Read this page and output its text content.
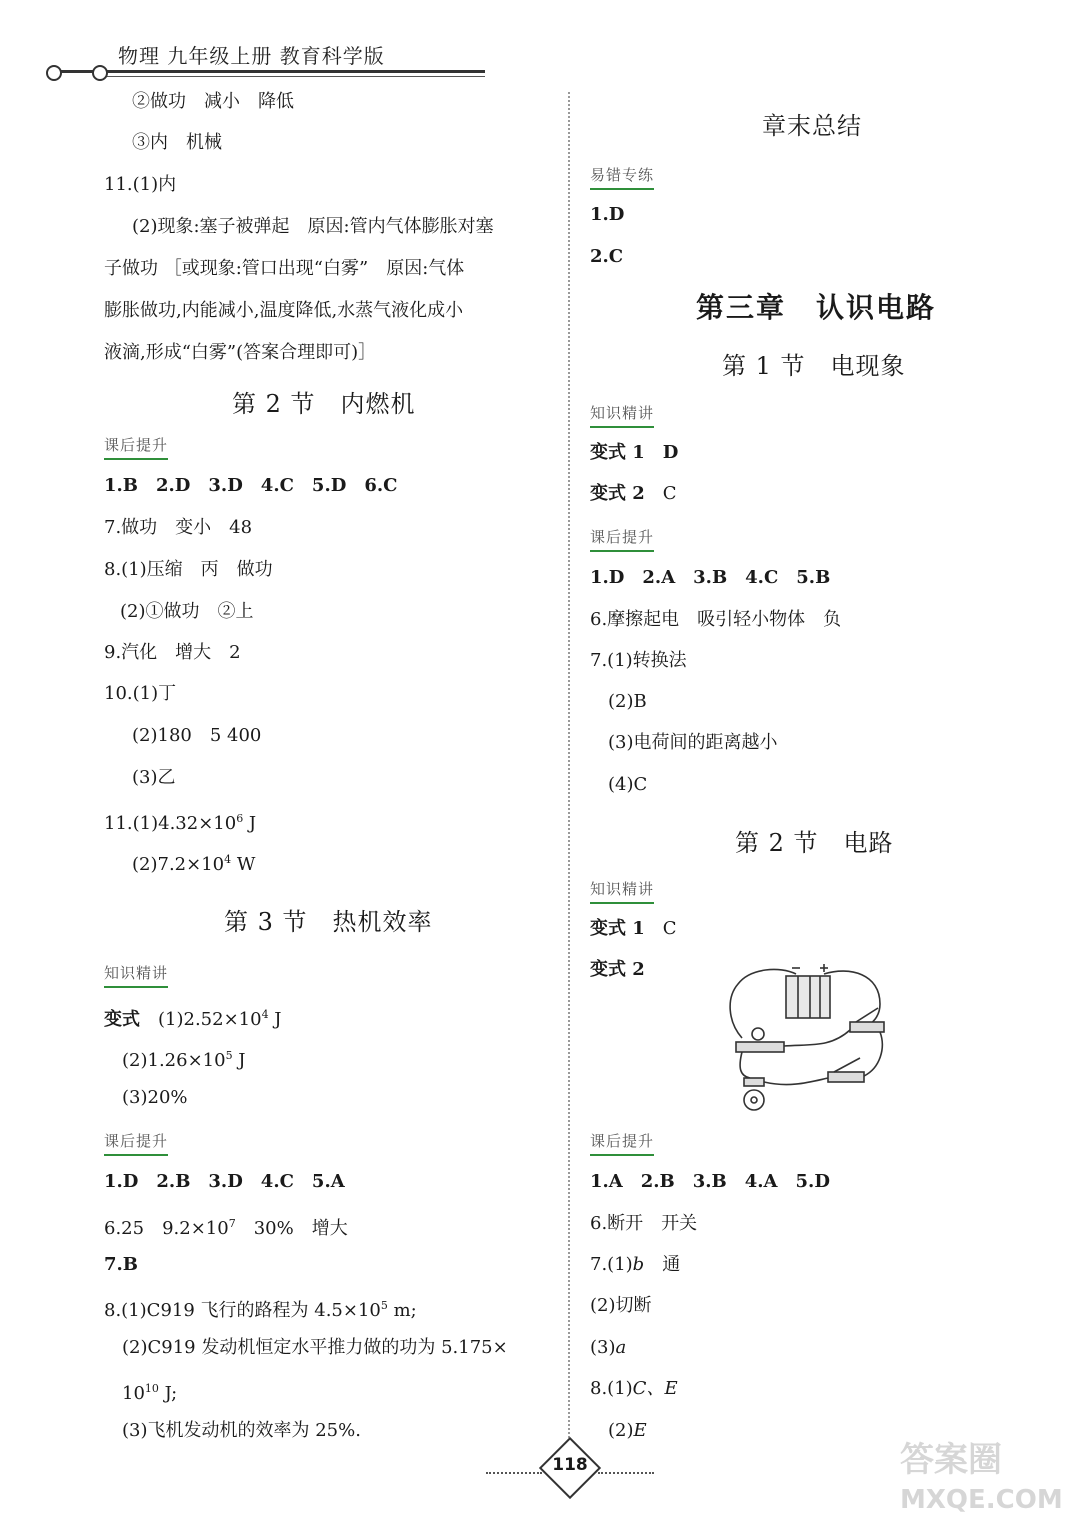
物理 九年级上册 教育科学版
②做功　减小　降低
③内　机械
11.(1)内
(2)现象:塞子被弹起　原因:管内气体膨胀对塞
子做功 ［或现象:管口出现“白雾”　原因:气体
膨胀做功,内能减小,温度降低,水蒸气液化成小
液滴,形成“白雾”(答案合理即可)］
第 2 节　内燃机
课后提升
1.B　2.D　3.D　4.C　5.D　6.C
7.做功　变小　48
8.(1)压缩　丙　做功
(2)①做功　②上
9.汽化　增大　2
10.(1)丁
(2)180　5 400
(3)乙
$11.(1)4.32\times 10^6$ J
$(2)7.2\times 10^4$ W
第 3 节　热机效率
知识精讲
变式　$(1)2.52\times 10^4$ J
$(2)1.26\times 10^5$ J
(3)20%
课后提升
1.D　2.B　3.D　4.C　5.A
6.25　$9.2\times 10^7$　30%　增大
7.B
8.(1)C919 飞行的路程为 $4.5\times 10^5$ m;
(2)C919 发动机恒定水平推力做的功为 5.175×
$10^{10}$ J;
(3)飞机发动机的效率为 25%.
章末总结
易错专练
1.D
2.C
第三章　认识电路
第 1 节　电现象
知识精讲
变式 1　D
变式 2　C
课后提升
1.D　2.A　3.B　4.C　5.B
6.摩擦起电　吸引轻小物体　负
7.(1)转换法
(2)B
(3)电荷间的距离越小
(4)C
第 2 节　电路
知识精讲
变式 1　C
变式 2
课后提升
1.A　2.B　3.B　4.A　5.D
6.断开　开关
7.(1)b　通
(2)切断
(3)a
8.(1)C、E
(2)E
118	答案圈
MXQE.COM
